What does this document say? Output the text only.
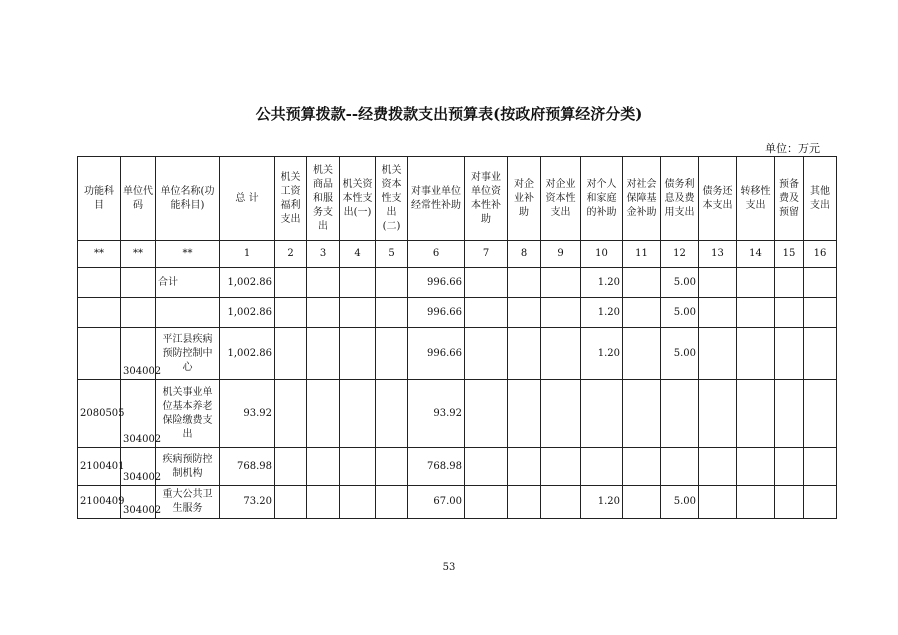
公共预算拨款--经费拨款支出预算表(按政府预算经济分类)
单位：万元
功能科目	单位代码	单位名称(功能科目)	总 计	机关工资福利支出	机关商品和服务支出	机关资本性支出(一)	机关资本性支出(二)	对事业单位经常性补助	对事业单位资本性补助	对企业补助	对企业资本性支出	对个人和家庭的补助	对社会保障基金补助	债务利息及费用支出	债务还本支出	转移性支出	预备费及预留	其他支出
**	**	**	1	2	3	4	5	6	7	8	9	10	11	12	13	14	15	16
		合计	1,002.86					996.66				1.20		5.00				
			1,002.86					996.66				1.20		5.00				
	304002	平江县疾病预防控制中心	1,002.86					996.66				1.20		5.00				
2080505	304002	机关事业单位基本养老保险缴费支出	93.92					93.92										
2100401	304002	疾病预防控制机构	768.98					768.98										
2100409	304002	重大公共卫生服务	73.20					67.00				1.20		5.00				
53
